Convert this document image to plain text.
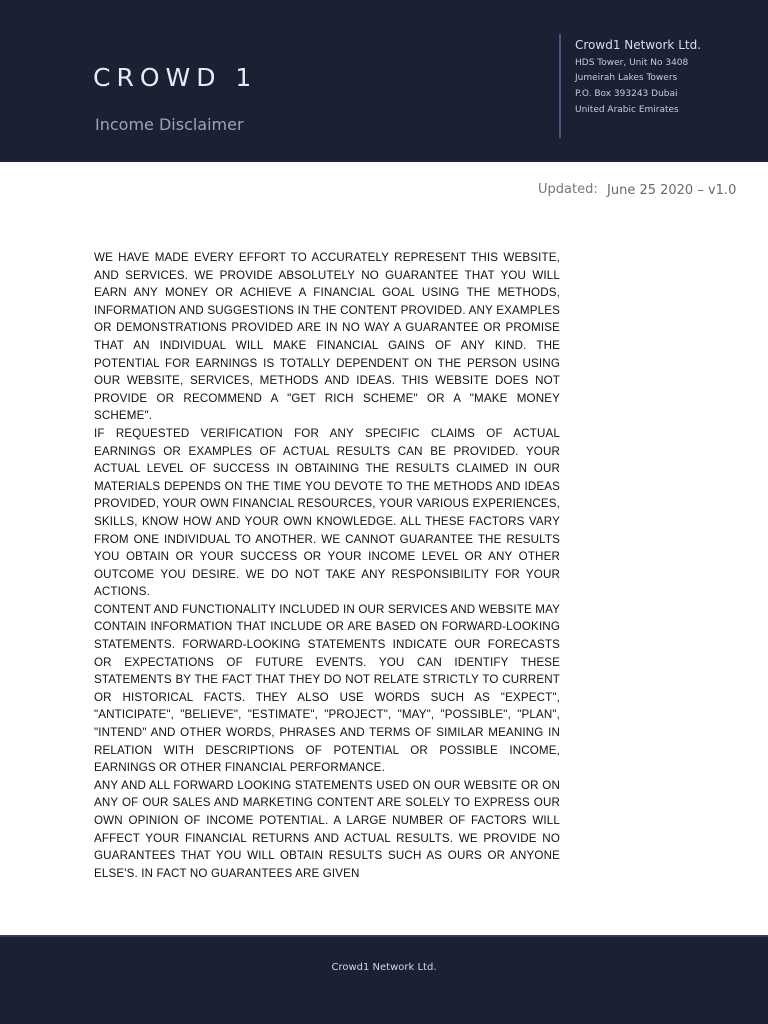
CROWD 1
Income Disclaimer
Crowd1 Network Ltd.
HDS Tower, Unit No 3408
Jumeirah Lakes Towers
P.O. Box 393243 Dubai
United Arabic Emirates
Updated: June 25 2020 – v1.0

WE HAVE MADE EVERY EFFORT TO ACCURATELY REPRESENT THIS WEBSITE, AND SERVICES. WE PROVIDE ABSOLUTELY NO GUARANTEE THAT YOU WILL EARN ANY MONEY OR ACHIEVE A FINANCIAL GOAL USING THE METHODS, INFORMATION AND SUGGESTIONS IN THE CONTENT PROVIDED. ANY EXAMPLES OR DEMONSTRATIONS PROVIDED ARE IN NO WAY A GUARANTEE OR PROMISE THAT AN INDIVIDUAL WILL MAKE FINANCIAL GAINS OF ANY KIND. THE POTENTIAL FOR EARNINGS IS TOTALLY DEPENDENT ON THE PERSON USING OUR WEBSITE, SERVICES, METHODS AND IDEAS. THIS WEBSITE DOES NOT PROVIDE OR RECOMMEND A "GET RICH SCHEME" OR A "MAKE MONEY SCHEME".

IF REQUESTED VERIFICATION FOR ANY SPECIFIC CLAIMS OF ACTUAL EARNINGS OR EXAMPLES OF ACTUAL RESULTS CAN BE PROVIDED. YOUR ACTUAL LEVEL OF SUCCESS IN OBTAINING THE RESULTS CLAIMED IN OUR MATERIALS DEPENDS ON THE TIME YOU DEVOTE TO THE METHODS AND IDEAS PROVIDED, YOUR OWN FINANCIAL RESOURCES, YOUR VARIOUS EXPERIENCES, SKILLS, KNOW HOW AND YOUR OWN KNOWLEDGE. ALL THESE FACTORS VARY FROM ONE INDIVIDUAL TO ANOTHER. WE CANNOT GUARANTEE THE RESULTS YOU OBTAIN OR YOUR SUCCESS OR YOUR INCOME LEVEL OR ANY OTHER OUTCOME YOU DESIRE. WE DO NOT TAKE ANY RESPONSIBILITY FOR YOUR ACTIONS.

CONTENT AND FUNCTIONALITY INCLUDED IN OUR SERVICES AND WEBSITE MAY CONTAIN INFORMATION THAT INCLUDE OR ARE BASED ON FORWARD-LOOKING STATEMENTS. FORWARD-LOOKING STATEMENTS INDICATE OUR FORECASTS OR EXPECTATIONS OF FUTURE EVENTS. YOU CAN IDENTIFY THESE STATEMENTS BY THE FACT THAT THEY DO NOT RELATE STRICTLY TO CURRENT OR HISTORICAL FACTS. THEY ALSO USE WORDS SUCH AS "EXPECT", "ANTICIPATE", "BELIEVE", "ESTIMATE", "PROJECT", "MAY", "POSSIBLE", "PLAN", "INTEND" AND OTHER WORDS, PHRASES AND TERMS OF SIMILAR MEANING IN RELATION WITH DESCRIPTIONS OF POTENTIAL OR POSSIBLE INCOME, EARNINGS OR OTHER FINANCIAL PERFORMANCE.

ANY AND ALL FORWARD LOOKING STATEMENTS USED ON OUR WEBSITE OR ON ANY OF OUR SALES AND MARKETING CONTENT ARE SOLELY TO EXPRESS OUR OWN OPINION OF INCOME POTENTIAL. A LARGE NUMBER OF FACTORS WILL AFFECT YOUR FINANCIAL RETURNS AND ACTUAL RESULTS. WE PROVIDE NO GUARANTEES THAT YOU WILL OBTAIN RESULTS SUCH AS OURS OR ANYONE ELSE'S. IN FACT NO GUARANTEES ARE GIVEN

Crowd1 Network Ltd.
